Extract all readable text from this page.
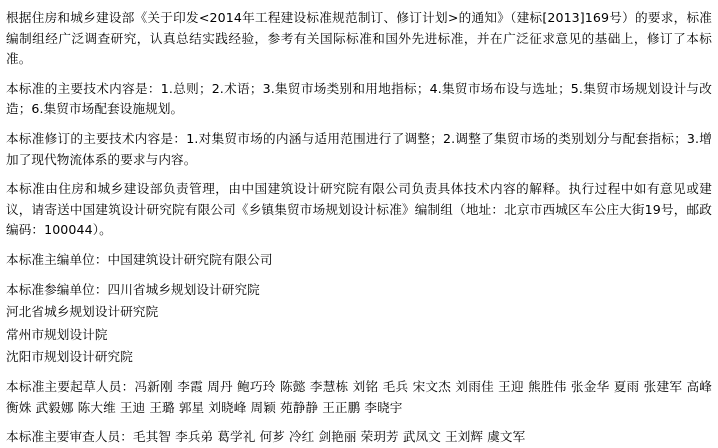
根据住房和城乡建设部《关于印发<2014年工程建设标准规范制订、修订计划>的通知》（建标[2013]169号）的要求，标准编制组经广泛调查研究，认真总结实践经验，参考有关国际标准和国外先进标准，并在广泛征求意见的基础上，修订了本标准。

本标准的主要技术内容是：1.总则；2.术语；3.集贸市场类别和用地指标；4.集贸市场布设与选址；5.集贸市场规划设计与改造；6.集贸市场配套设施规划。

本标准修订的主要技术内容是：1.对集贸市场的内涵与适用范围进行了调整；2.调整了集贸市场的类别划分与配套指标；3.增加了现代物流体系的要求与内容。

本标准由住房和城乡建设部负责管理，由中国建筑设计研究院有限公司负责具体技术内容的解释。执行过程中如有意见或建议，请寄送中国建筑设计研究院有限公司《乡镇集贸市场规划设计标准》编制组（地址：北京市西城区车公庄大街19号，邮政编码：100044）。

本标准主编单位：中国建筑设计研究院有限公司

本标准参编单位：四川省城乡规划设计研究院

河北省城乡规划设计研究院

常州市规划设计院

沈阳市规划设计研究院

本标准主要起草人员：冯新刚 李霞 周丹 鲍巧玲 陈懿 李慧栋 刘铭 毛兵 宋文杰 刘雨佳 王迎 熊胜伟 张金华 夏雨 张建军 高峰 衡姝 武毅娜 陈大维 王迪 王璐 郭星 刘晓峰 周颖 苑静静 王正鹏 李晓宇

本标准主要审查人员：毛其智 李兵弟 葛学礼 何芗 冷红 剑艳丽 荣玥芳 武凤文 王刘辉 虞文军
